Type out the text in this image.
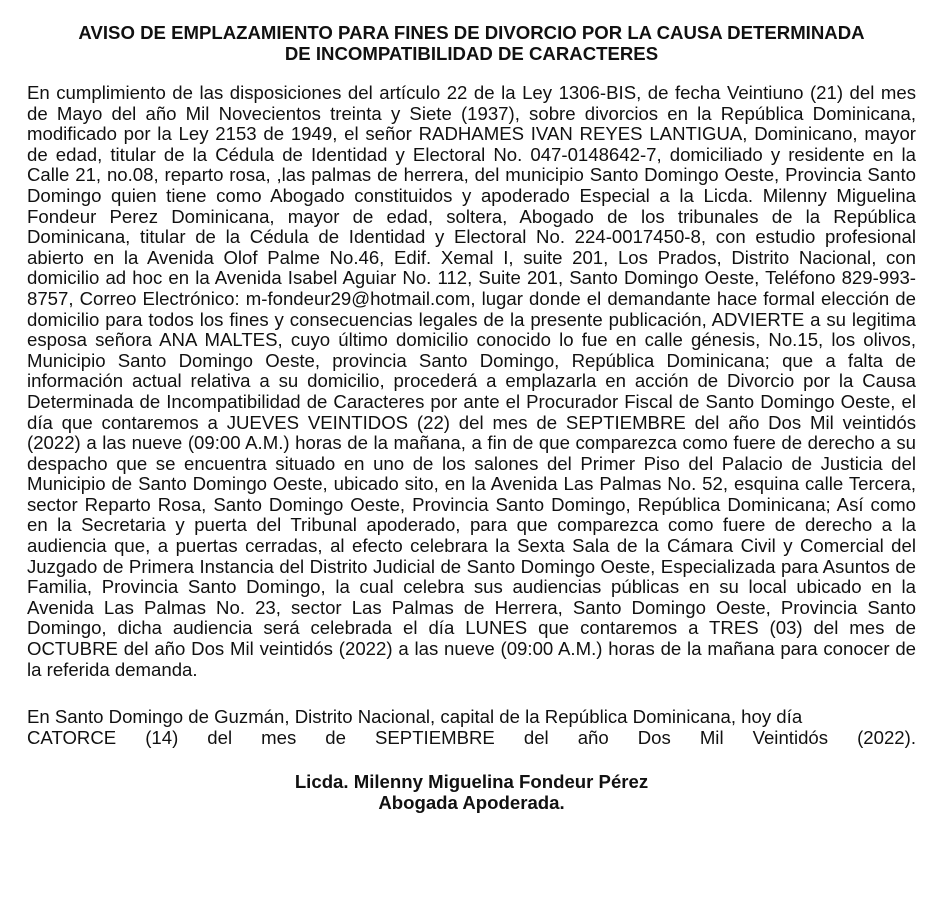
AVISO DE EMPLAZAMIENTO PARA FINES DE DIVORCIO POR LA CAUSA DETERMINADA
DE INCOMPATIBILIDAD DE CARACTERES

En cumplimiento de las disposiciones del artículo 22 de la Ley 1306-BIS, de fecha Veintiuno (21) del mes de Mayo del año Mil Novecientos treinta y Siete (1937), sobre divorcios en la República Dominicana, modificado por la Ley 2153 de 1949, el señor RADHAMES IVAN REYES LANTIGUA, Dominicano, mayor de edad, titular de la Cédula de Identidad y Electoral No. 047-0148642-7, domiciliado y residente en la Calle 21, no.08, reparto rosa, ,las palmas de herrera, del municipio Santo Domingo Oeste, Provincia Santo Domingo quien tiene como Abogado constituidos y apoderado Especial a la Licda. Milenny Miguelina Fondeur Perez Dominicana, mayor de edad, soltera, Abogado de los tribunales de la República Dominicana, titular de la Cédula de Identidad y Electoral No. 224-0017450-8, con estudio profesional abierto en la Avenida Olof Palme No.46, Edif. Xemal I, suite 201, Los Prados, Distrito Nacional, con domicilio ad hoc en la Avenida Isabel Aguiar No. 112, Suite 201, Santo Domingo Oeste, Teléfono 829-993-8757, Correo Electrónico: m-fondeur29@hotmail.com, lugar donde el demandante hace formal elección de domicilio para todos los fines y consecuencias legales de la presente publicación, ADVIERTE a su legitima esposa señora ANA MALTES, cuyo último domicilio conocido lo fue en calle génesis, No.15, los olivos, Municipio Santo Domingo Oeste, provincia Santo Domingo, República Dominicana; que a falta de información actual relativa a su domicilio, procederá a emplazarla en acción de Divorcio por la Causa Determinada de Incompatibilidad de Caracteres por ante el Procurador Fiscal de Santo Domingo Oeste, el día que contaremos a JUEVES VEINTIDOS (22) del mes de SEPTIEMBRE del año Dos Mil veintidós (2022) a las nueve (09:00 A.M.) horas de la mañana, a fin de que comparezca como fuere de derecho a su despacho que se encuentra situado en uno de los salones del Primer Piso del Palacio de Justicia del Municipio de Santo Domingo Oeste, ubicado sito, en la Avenida Las Palmas No. 52, esquina calle Tercera, sector Reparto Rosa, Santo Domingo Oeste, Provincia Santo Domingo, República Dominicana; Así como en la Secretaria y puerta del Tribunal apoderado, para que comparezca como fuere de derecho a la audiencia que, a puertas cerradas, al efecto celebrara la Sexta Sala de la Cámara Civil y Comercial del Juzgado de Primera Instancia del Distrito Judicial de Santo Domingo Oeste, Especializada para Asuntos de Familia, Provincia Santo Domingo, la cual celebra sus audiencias públicas en su local ubicado en la Avenida Las Palmas No. 23, sector Las Palmas de Herrera, Santo Domingo Oeste, Provincia Santo Domingo, dicha audiencia será celebrada el día LUNES que contaremos a TRES (03) del mes de OCTUBRE del año Dos Mil veintidós (2022) a las nueve (09:00 A.M.) horas de la mañana para conocer de la referida demanda.

En Santo Domingo de Guzmán, Distrito Nacional, capital de la República Dominicana, hoy día
CATORCE (14) del mes de SEPTIEMBRE del año Dos Mil Veintidós (2022).

Licda. Milenny Miguelina Fondeur Pérez
Abogada Apoderada.
